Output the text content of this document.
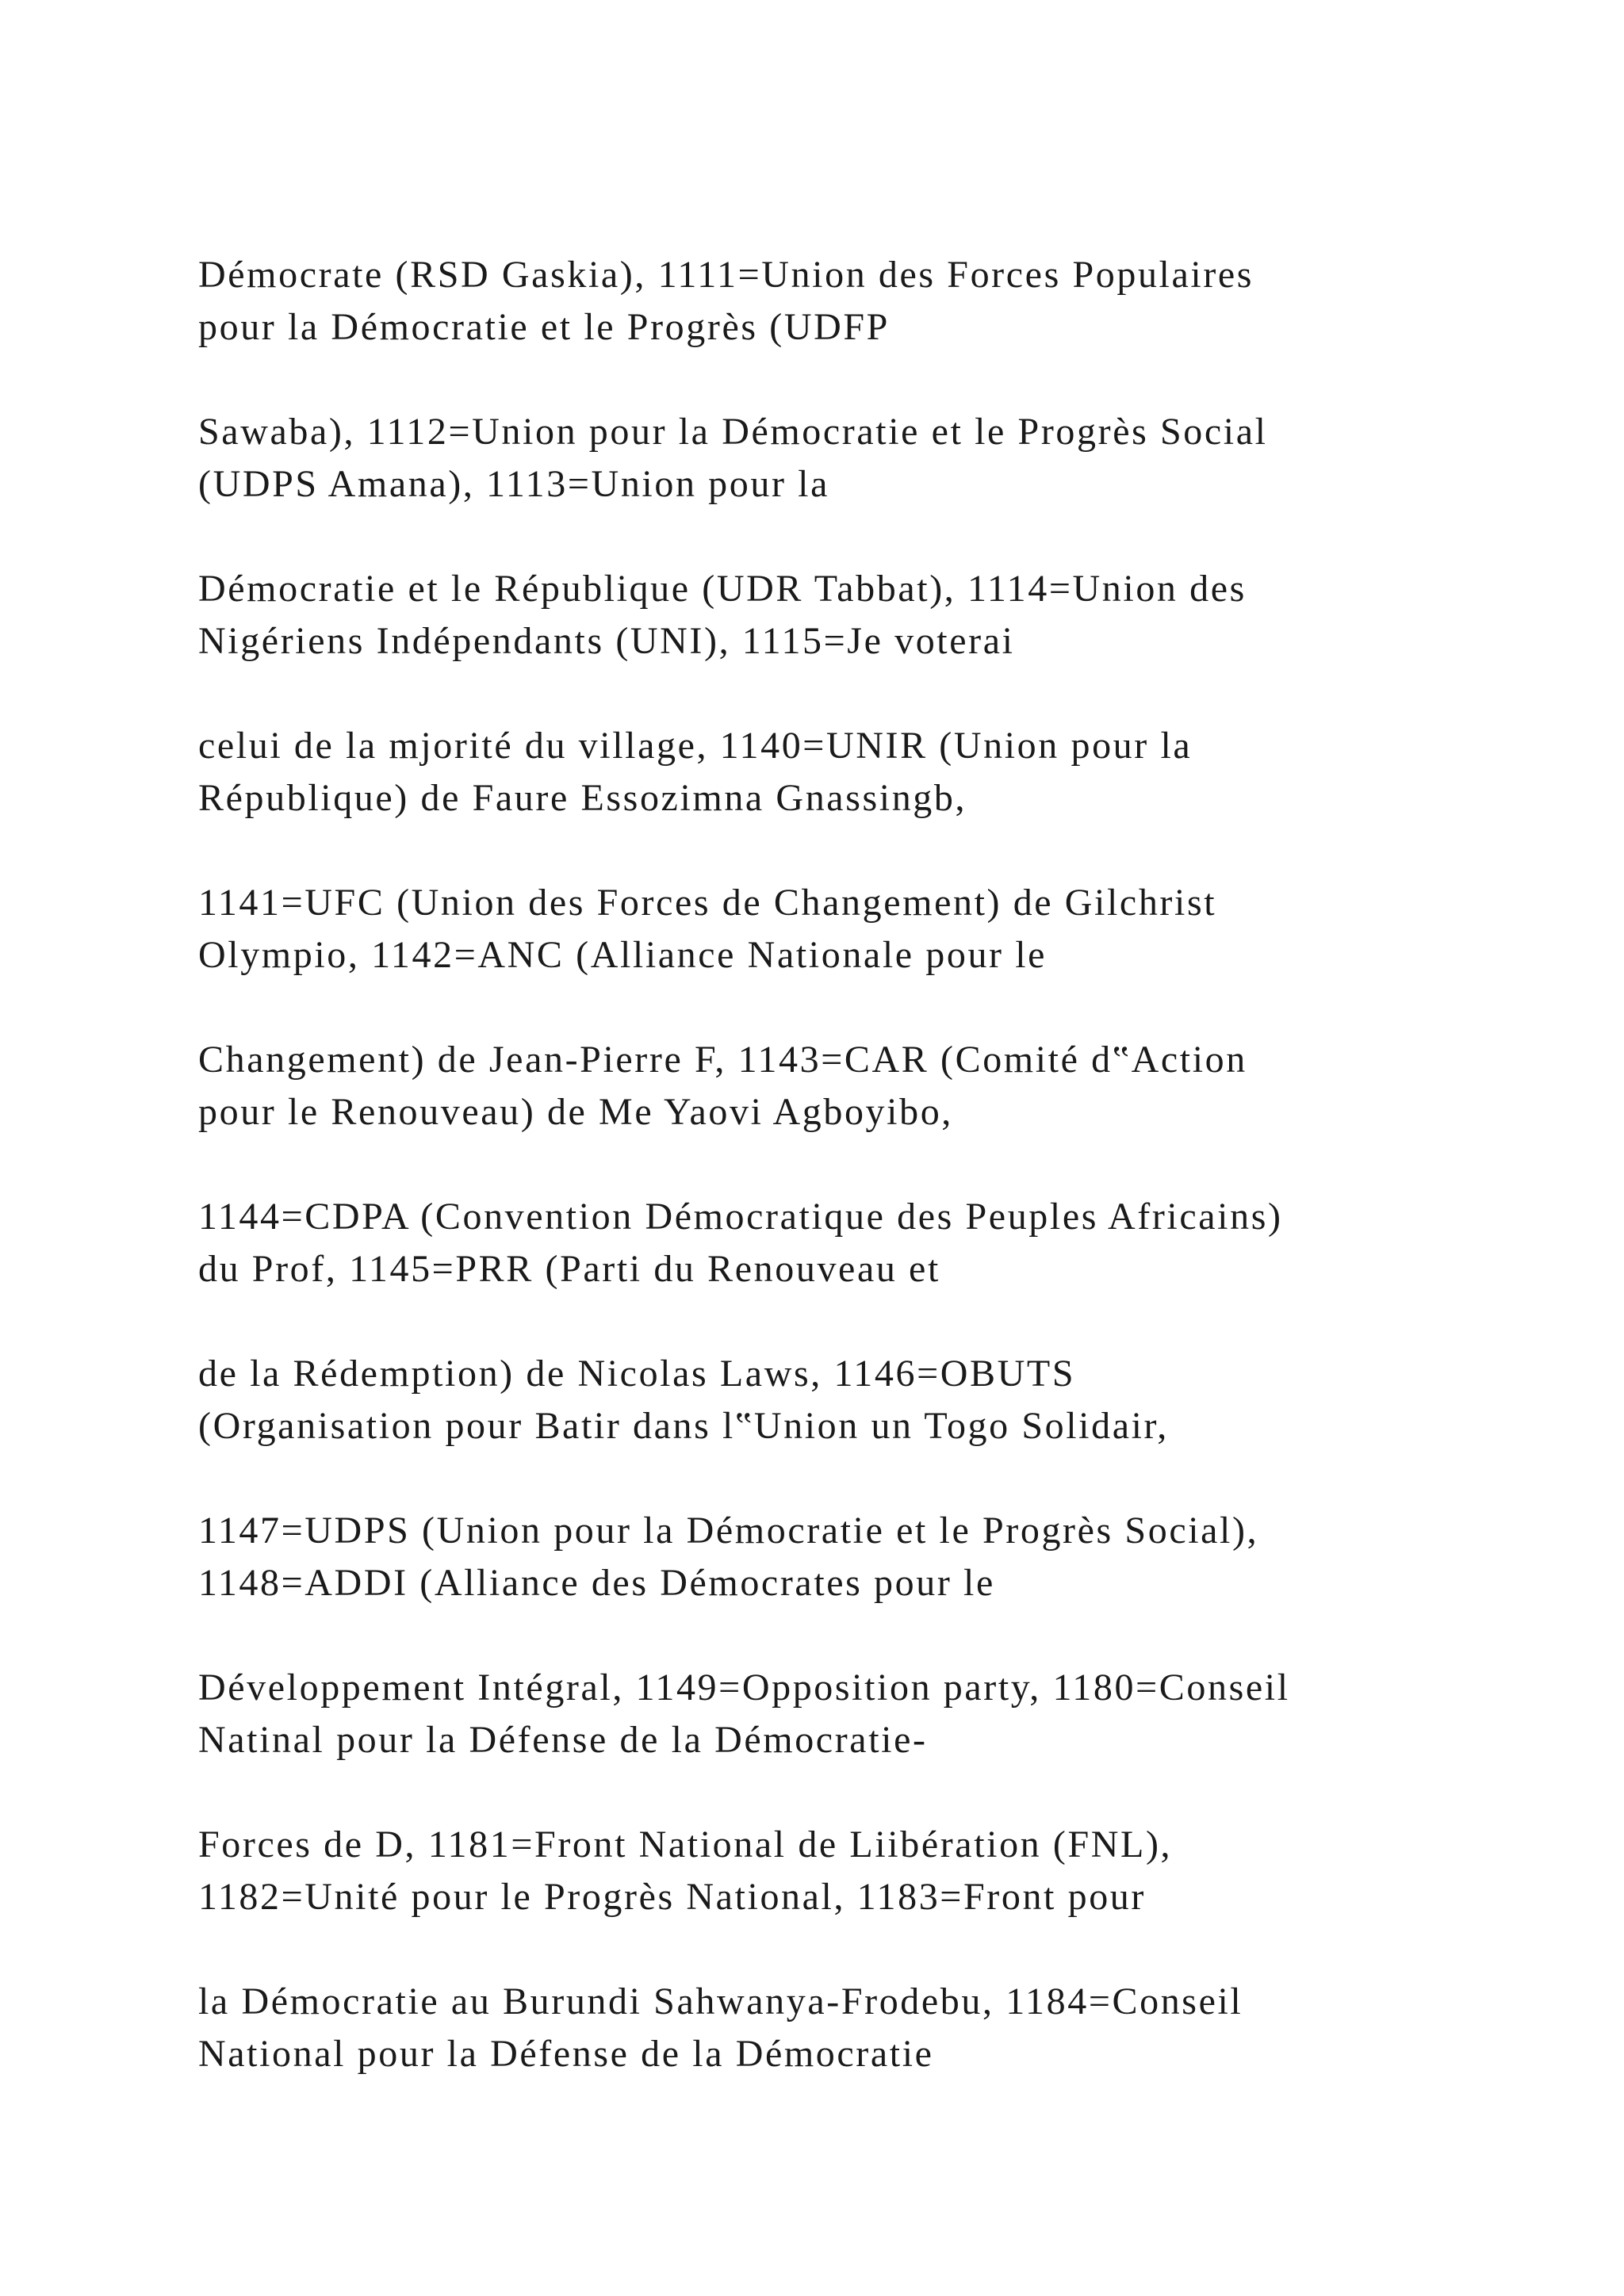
Démocrate (RSD Gaskia), 1111=Union des Forces Populaires
pour la Démocratie et le Progrès (UDFP
Sawaba), 1112=Union pour la Démocratie et le Progrès Social
(UDPS Amana), 1113=Union pour la
Démocratie et le République (UDR Tabbat), 1114=Union des
Nigériens Indépendants (UNI), 1115=Je voterai
celui de la mjorité du village, 1140=UNIR (Union pour la
République) de Faure Essozimna Gnassingb,
1141=UFC (Union des Forces de Changement) de Gilchrist
Olympio, 1142=ANC (Alliance Nationale pour le
Changement) de Jean-Pierre F, 1143=CAR (Comité d‟Action
pour le Renouveau) de Me Yaovi Agboyibo,
1144=CDPA (Convention Démocratique des Peuples Africains)
du Prof, 1145=PRR (Parti du Renouveau et
de la Rédemption) de Nicolas Laws, 1146=OBUTS
(Organisation pour Batir dans l‟Union un Togo Solidair,
1147=UDPS (Union pour la Démocratie et le Progrès Social),
1148=ADDI (Alliance des Démocrates pour le
Développement Intégral, 1149=Opposition party, 1180=Conseil
Natinal pour la Défense de la Démocratie-
Forces de D, 1181=Front National de Liibération (FNL),
1182=Unité pour le Progrès National, 1183=Front pour
la Démocratie au Burundi Sahwanya-Frodebu, 1184=Conseil
National pour la Défense de la Démocratie
